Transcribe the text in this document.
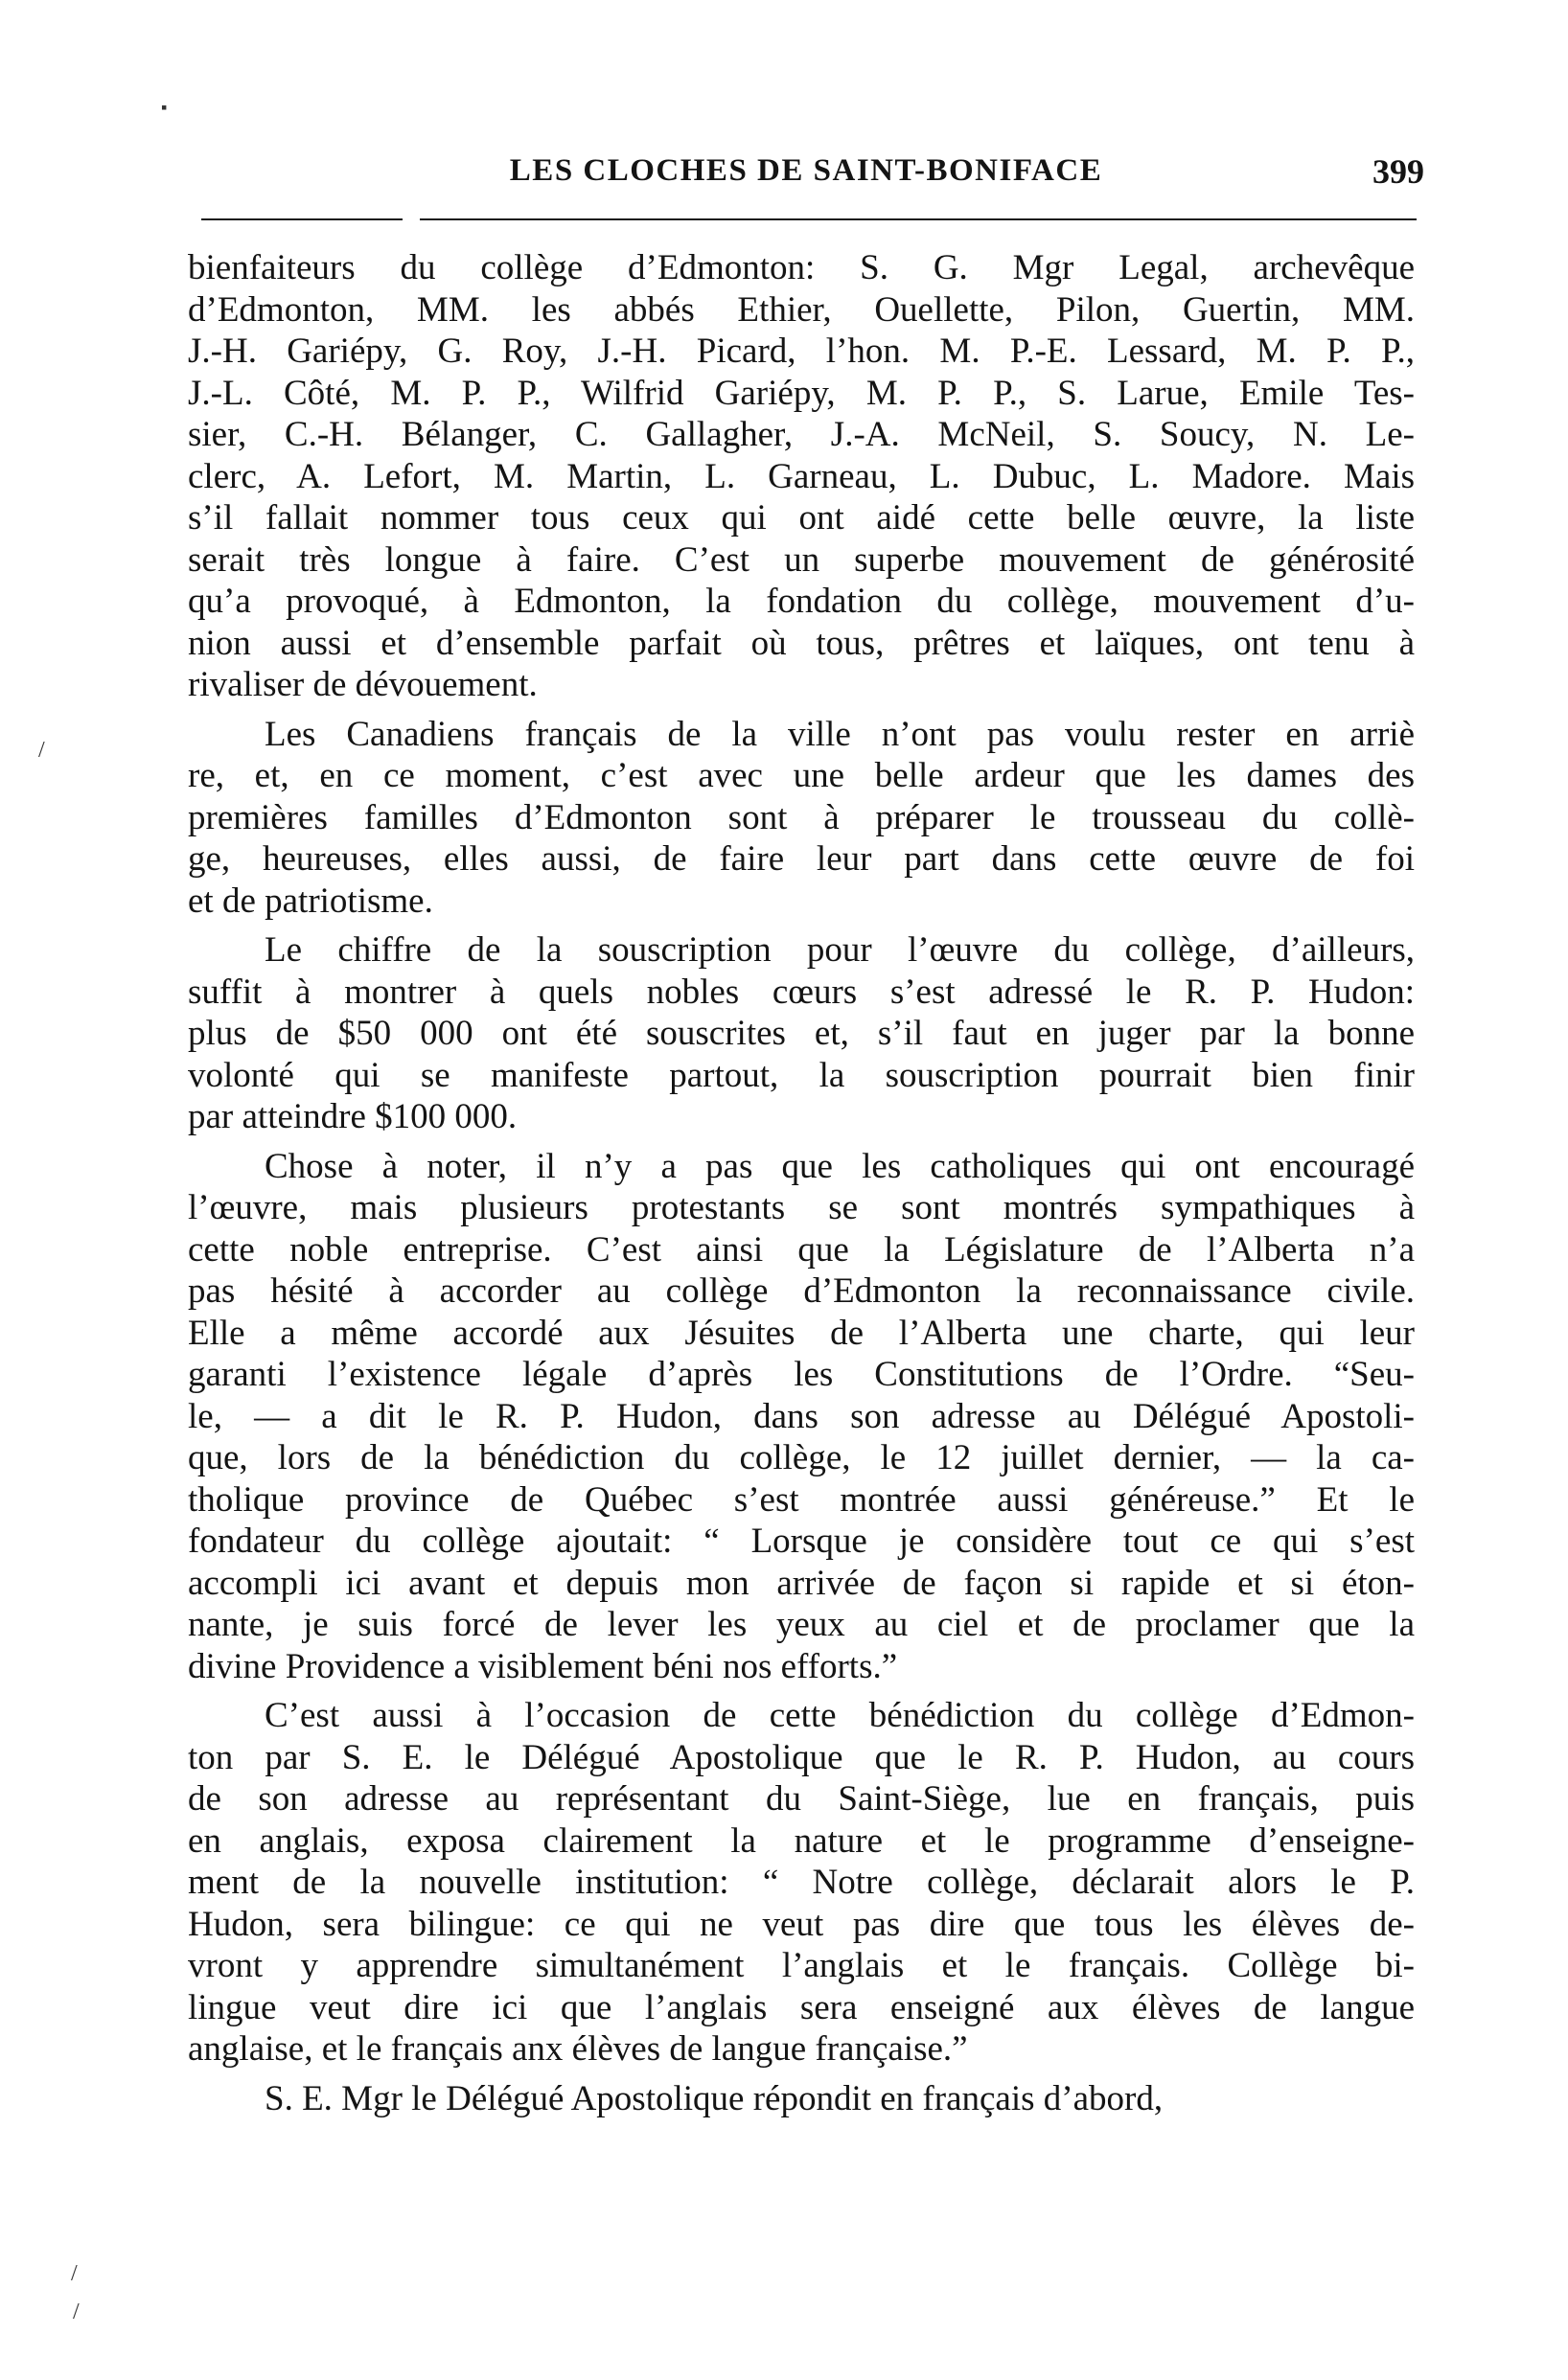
▪
/
/
/
LES CLOCHES DE SAINT-BONIFACE	399
bienfaiteurs du collège d’Edmonton: S. G. Mgr Legal, archevêque
d’Edmonton, MM. les abbés Ethier, Ouellette, Pilon, Guertin, MM.
J.-H. Gariépy, G. Roy, J.-H. Picard, l’hon. M. P.-E. Lessard, M. P. P.,
J.-L. Côté, M. P. P., Wilfrid Gariépy, M. P. P., S. Larue, Emile Tes-
sier, C.-H. Bélanger, C. Gallagher, J.-A. McNeil, S. Soucy, N. Le-
clerc, A. Lefort, M. Martin, L. Garneau, L. Dubuc, L. Madore. Mais
s’il fallait nommer tous ceux qui ont aidé cette belle œuvre, la liste
serait très longue à faire. C’est un superbe mouvement de générosité
qu’a provoqué, à Edmonton, la fondation du collège, mouvement d’u-
nion aussi et d’ensemble parfait où tous, prêtres et laïques, ont tenu à
rivaliser de dévouement.
Les Canadiens français de la ville n’ont pas voulu rester en arriè
re, et, en ce moment, c’est avec une belle ardeur que les dames des
premières familles d’Edmonton sont à préparer le trousseau du collè-
ge, heureuses, elles aussi, de faire leur part dans cette œuvre de foi
et de patriotisme.
Le chiffre de la souscription pour l’œuvre du collège, d’ailleurs,
suffit à montrer à quels nobles cœurs s’est adressé le R. P. Hudon:
plus de $50 000 ont été souscrites et, s’il faut en juger par la bonne
volonté qui se manifeste partout, la souscription pourrait bien finir
par atteindre $100 000.
Chose à noter, il n’y a pas que les catholiques qui ont encouragé
l’œuvre, mais plusieurs protestants se sont montrés sympathiques à
cette noble entreprise. C’est ainsi que la Législature de l’Alberta n’a
pas hésité à accorder au collège d’Edmonton la reconnaissance civile.
Elle a même accordé aux Jésuites de l’Alberta une charte, qui leur
garanti l’existence légale d’après les Constitutions de l’Ordre. “Seu-
le, — a dit le R. P. Hudon, dans son adresse au Délégué Apostoli-
que, lors de la bénédiction du collège, le 12 juillet dernier, — la ca-
tholique province de Québec s’est montrée aussi généreuse.” Et le
fondateur du collège ajoutait: “ Lorsque je considère tout ce qui s’est
accompli ici avant et depuis mon arrivée de façon si rapide et si éton-
nante, je suis forcé de lever les yeux au ciel et de proclamer que la
divine Providence a visiblement béni nos efforts.”
C’est aussi à l’occasion de cette bénédiction du collège d’Edmon-
ton par S. E. le Délégué Apostolique que le R. P. Hudon, au cours
de son adresse au représentant du Saint-Siège, lue en français, puis
en anglais, exposa clairement la nature et le programme d’enseigne-
ment de la nouvelle institution: “ Notre collège, déclarait alors le P.
Hudon, sera bilingue: ce qui ne veut pas dire que tous les élèves de-
vront y apprendre simultanément l’anglais et le français. Collège bi-
lingue veut dire ici que l’anglais sera enseigné aux élèves de langue
anglaise, et le français anx élèves de langue française.”
S. E. Mgr le Délégué Apostolique répondit en français d’abord,
